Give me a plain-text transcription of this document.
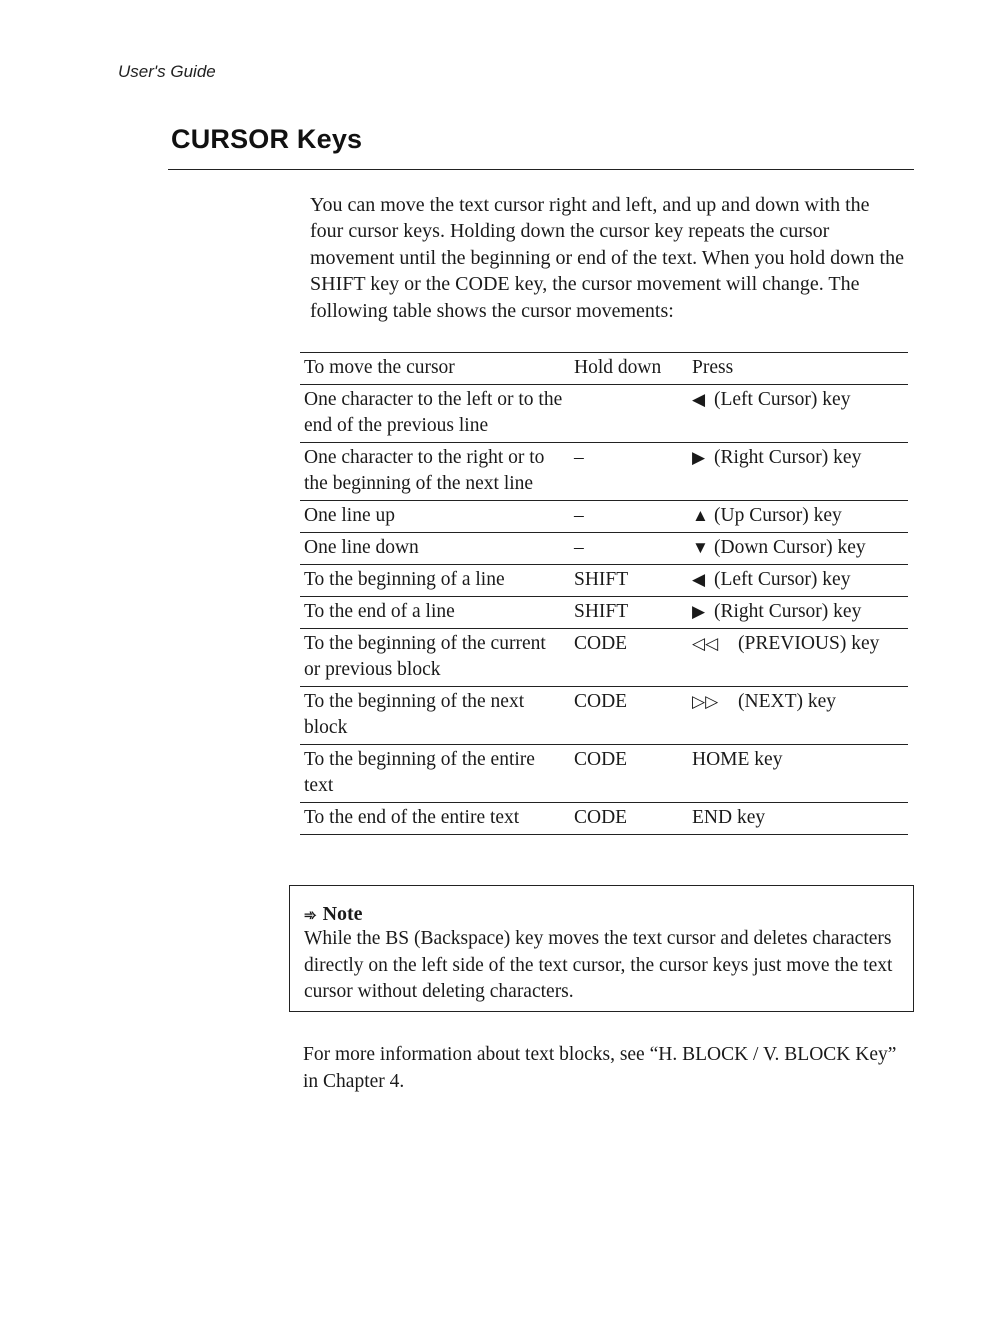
User's Guide
CURSOR Keys

You can move the text cursor right and left, and up and down with the four cursor keys. Holding down the cursor key repeats the cursor movement until the beginning or end of the text. When you hold down the SHIFT key or the CODE key, the cursor movement will change. The following table shows the cursor movements:

To move the cursor	Hold down	Press
One character to the left or to the end of the previous line		◀ (Left Cursor) key
One character to the right or to the beginning of the next line	–	▶ (Right Cursor) key
One line up	–	▲ (Up Cursor) key
One line down	–	▼ (Down Cursor) key
To the beginning of a line	SHIFT	◀ (Left Cursor) key
To the end of a line	SHIFT	▶ (Right Cursor) key
To the beginning of the current or previous block	CODE	◁◁ (PREVIOUS) key
To the beginning of the next block	CODE	▷▷ (NEXT) key
To the beginning of the entire text	CODE	HOME key
To the end of the entire text	CODE	END key
➾ Note

While the BS (Backspace) key moves the text cursor and deletes characters directly on the left side of the text cursor, the cursor keys just move the text cursor without deleting characters.

For more information about text blocks, see “H. BLOCK / V. BLOCK Key” in Chapter 4.
